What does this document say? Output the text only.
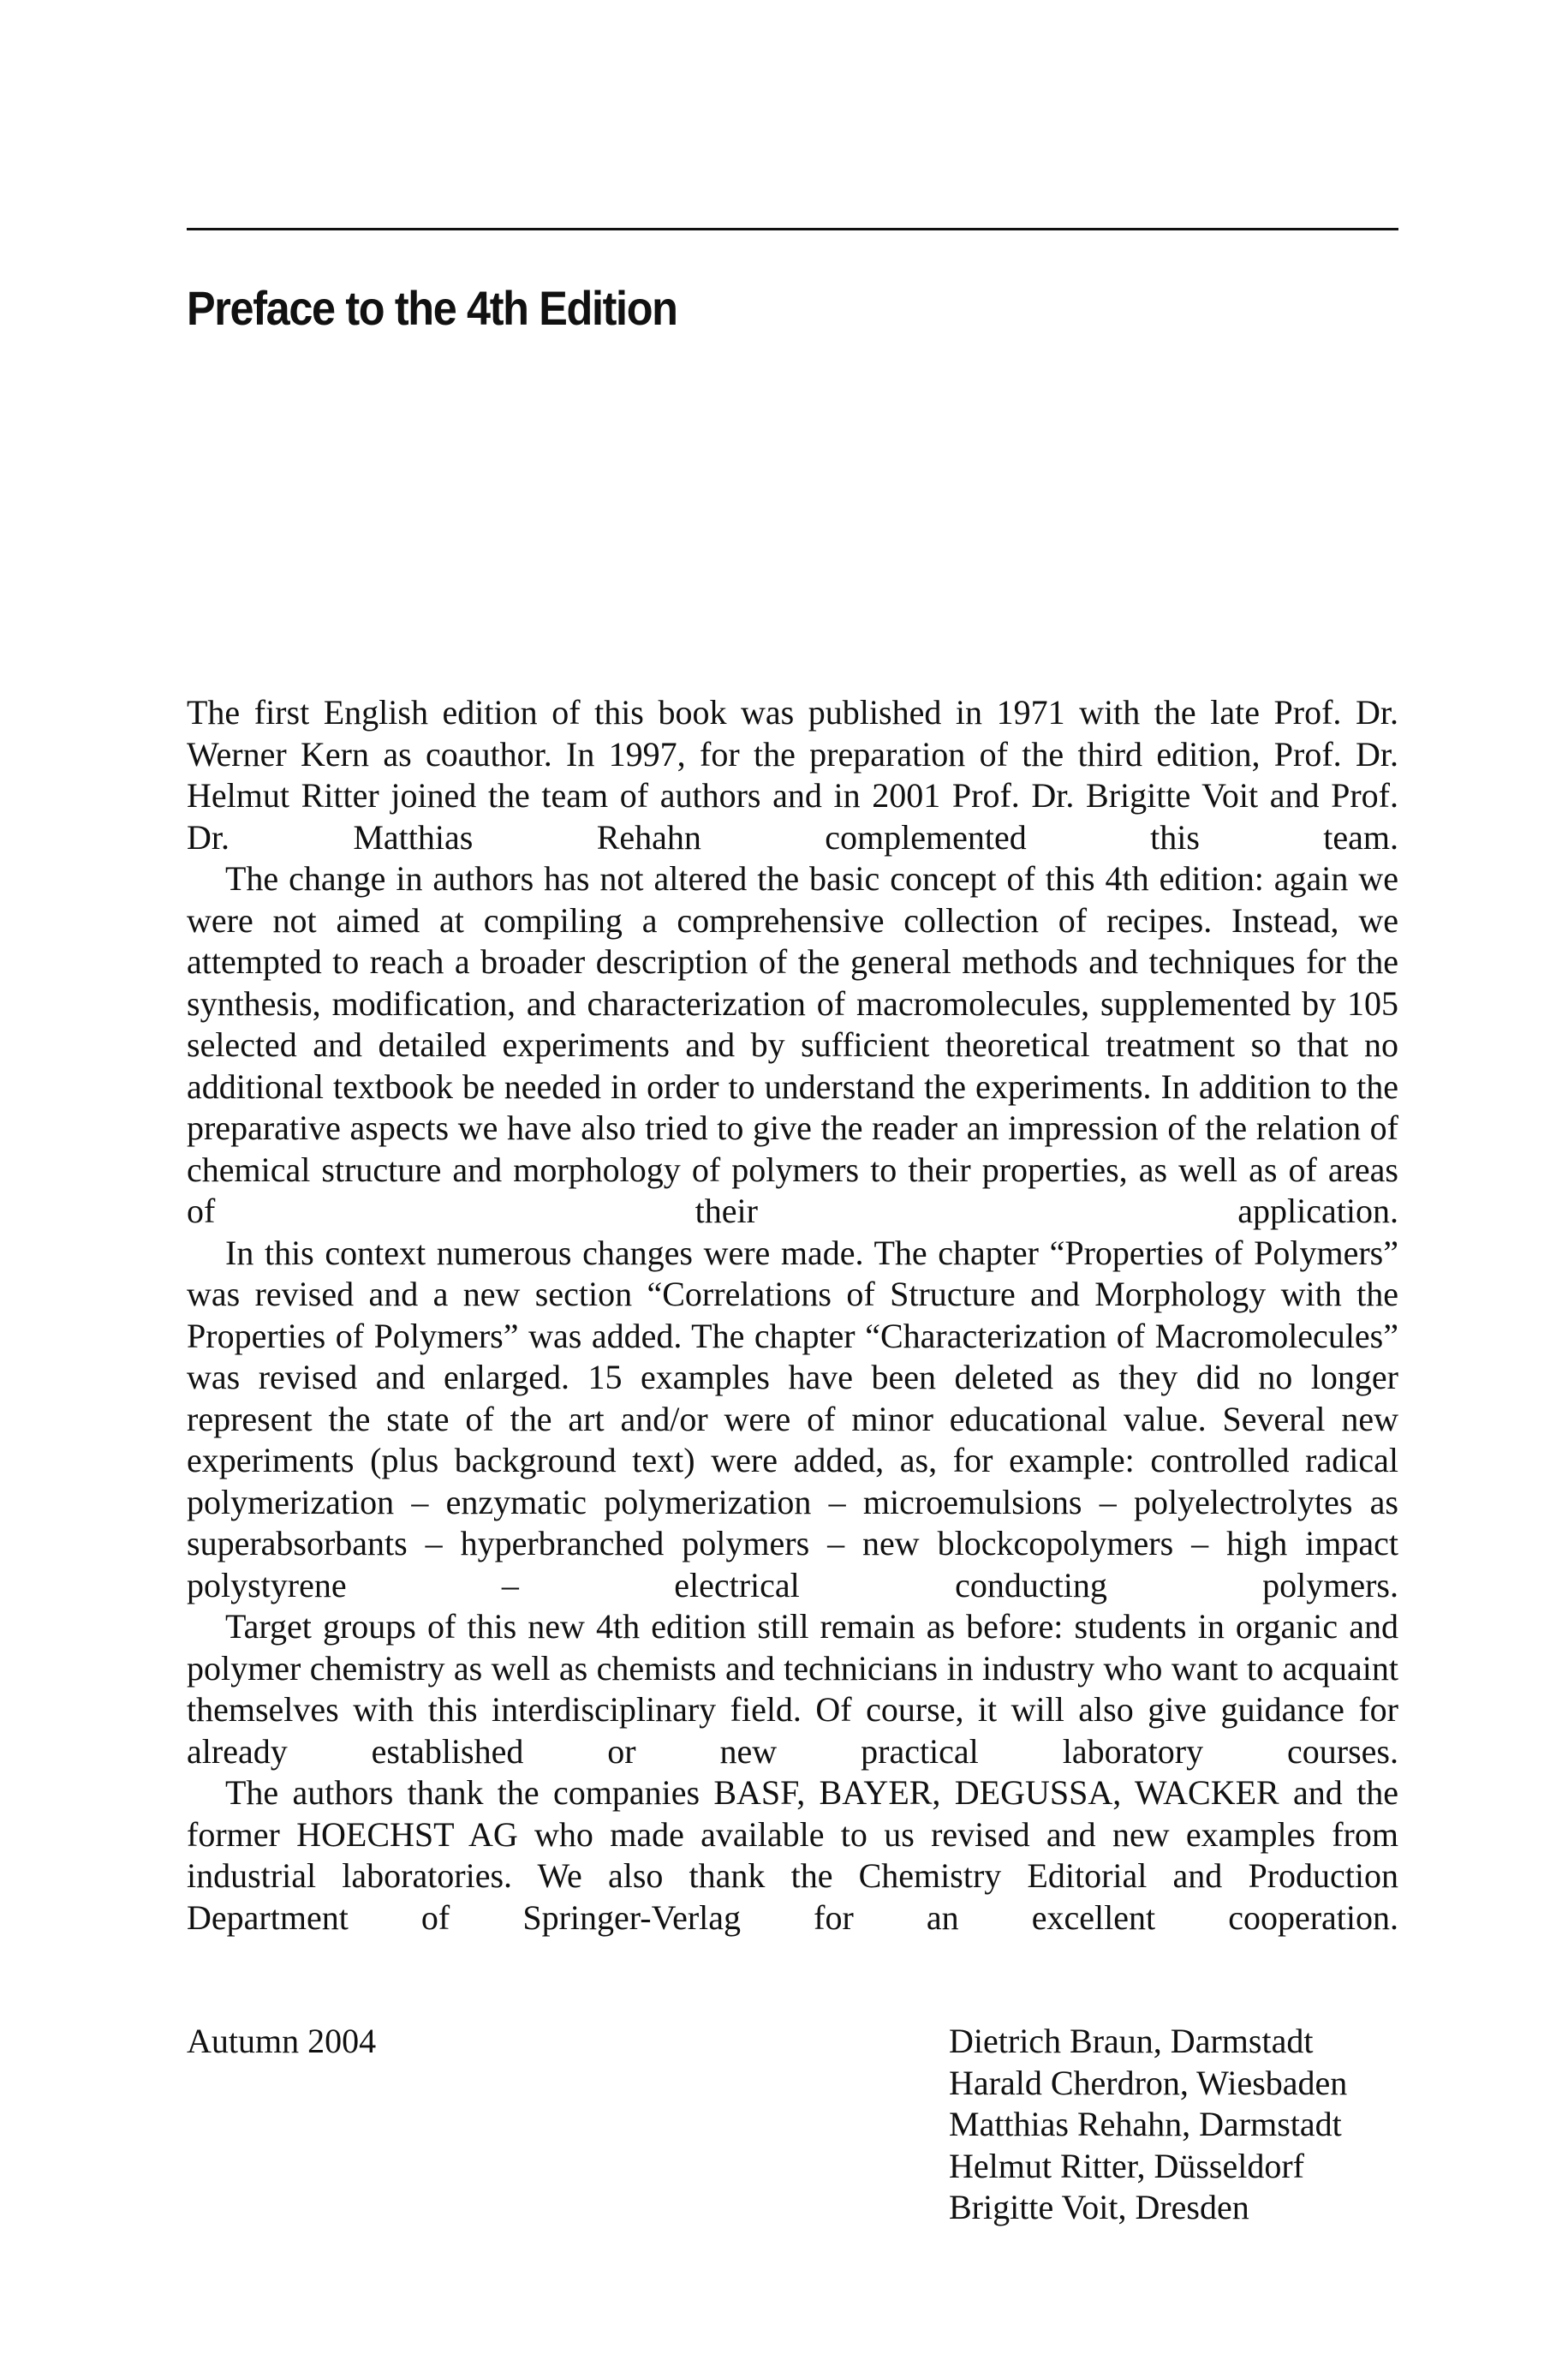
Preface to the 4th Edition

The first English edition of this book was published in 1971 with the late Prof. Dr. Werner Kern as coauthor. In 1997, for the preparation of the third edition, Prof. Dr. Helmut Ritter joined the team of authors and in 2001 Prof. Dr. Brigitte Voit and Prof. Dr. Matthias Rehahn complemented this team.

The change in authors has not altered the basic concept of this 4th edition: again we were not aimed at compiling a comprehensive collection of recipes. Instead, we attempted to reach a broader description of the general methods and techniques for the synthesis, modification, and characterization of macromolecules, supplemented by 105 selected and detailed experiments and by sufficient theoretical treatment so that no additional textbook be needed in order to understand the experiments. In addition to the preparative aspects we have also tried to give the reader an impression of the relation of chemical structure and morphology of polymers to their properties, as well as of areas of their application.

In this context numerous changes were made. The chapter “Properties of Polymers” was revised and a new section “Correlations of Structure and Morphology with the Properties of Polymers” was added. The chapter “Characterization of Macromolecules” was revised and enlarged. 15 examples have been deleted as they did no longer represent the state of the art and/or were of minor educational value. Several new experiments (plus background text) were added, as, for example: controlled radical polymerization – enzymatic polymerization – microemulsions – polyelectrolytes as superabsorbants – hyperbranched polymers – new blockcopolymers – high impact polystyrene – electrical conducting polymers.

Target groups of this new 4th edition still remain as before: students in organic and polymer chemistry as well as chemists and technicians in industry who want to acquaint themselves with this interdisciplinary field. Of course, it will also give guidance for already established or new practical laboratory courses.

The authors thank the companies BASF, BAYER, DEGUSSA, WACKER and the former HOECHST AG who made available to us revised and new examples from industrial laboratories. We also thank the Chemistry Editorial and Production Department of Springer-Verlag for an excellent cooperation.

Autumn 2004	Dietrich Braun, Darmstadt
Harald Cherdron, Wiesbaden
Matthias Rehahn, Darmstadt
Helmut Ritter, Düsseldorf
Brigitte Voit, Dresden
